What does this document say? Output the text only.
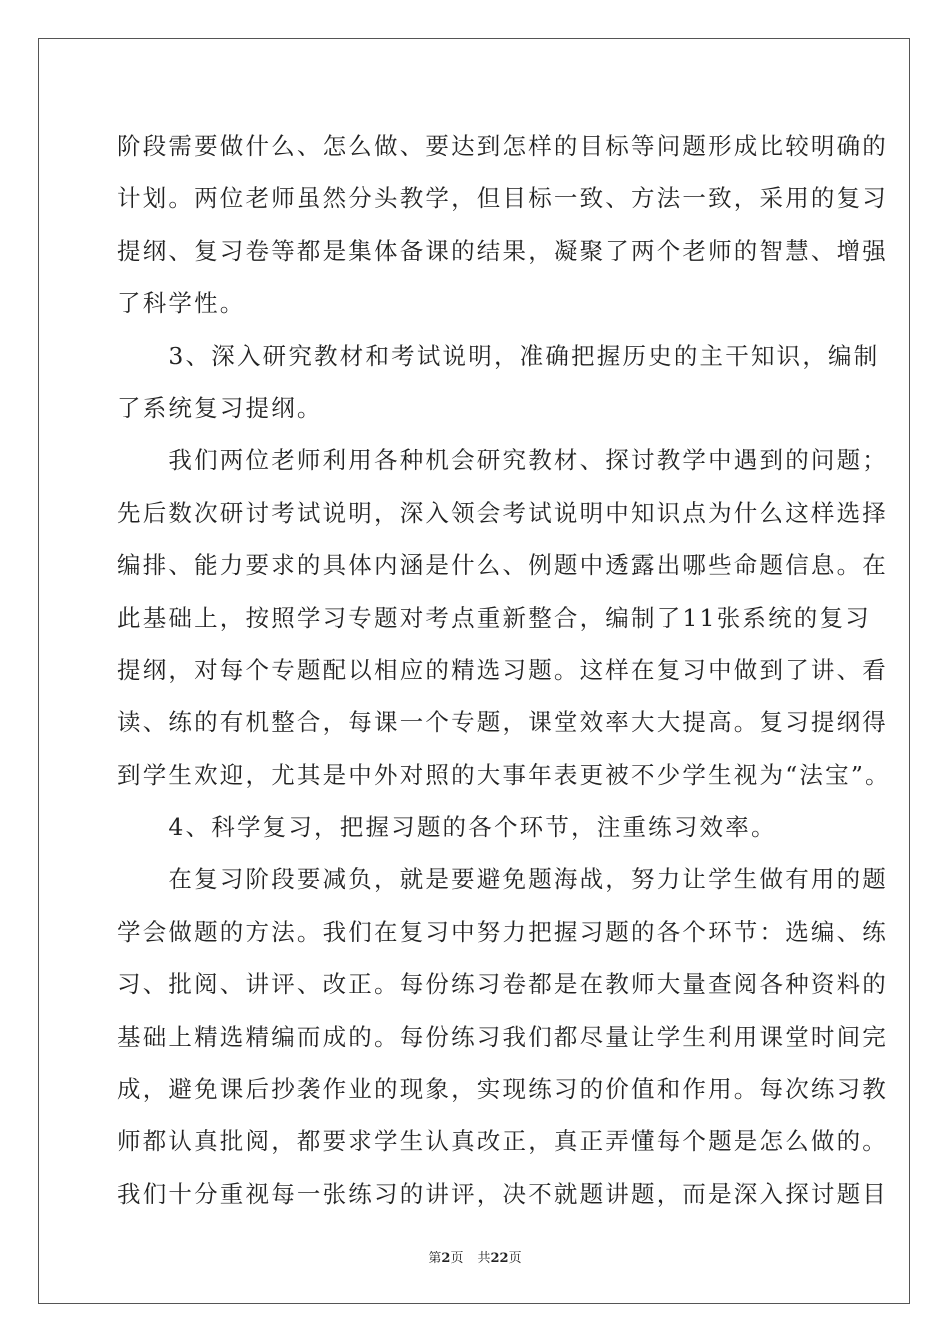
阶段需要做什么、怎么做、要达到怎样的目标等问题形成比较明确的
计划。两位老师虽然分头教学，但目标一致、方法一致，采用的复习
提纲、复习卷等都是集体备课的结果，凝聚了两个老师的智慧、增强
了科学性。
　　3、深入研究教材和考试说明，准确把握历史的主干知识，编制
了系统复习提纲。
　　我们两位老师利用各种机会研究教材、探讨教学中遇到的问题；
先后数次研讨考试说明，深入领会考试说明中知识点为什么这样选择
编排、能力要求的具体内涵是什么、例题中透露出哪些命题信息。在
此基础上，按照学习专题对考点重新整合，编制了11张系统的复习
提纲，对每个专题配以相应的精选习题。这样在复习中做到了讲、看
读、练的有机整合，每课一个专题，课堂效率大大提高。复习提纲得
到学生欢迎，尤其是中外对照的大事年表更被不少学生视为“法宝”。
　　4、科学复习，把握习题的各个环节，注重练习效率。
　　在复习阶段要减负，就是要避免题海战，努力让学生做有用的题
学会做题的方法。我们在复习中努力把握习题的各个环节：选编、练
习、批阅、讲评、改正。每份练习卷都是在教师大量查阅各种资料的
基础上精选精编而成的。每份练习我们都尽量让学生利用课堂时间完
成，避免课后抄袭作业的现象，实现练习的价值和作用。每次练习教
师都认真批阅，都要求学生认真改正，真正弄懂每个题是怎么做的。
我们十分重视每一张练习的讲评，决不就题讲题，而是深入探讨题目
第2页 共22页
